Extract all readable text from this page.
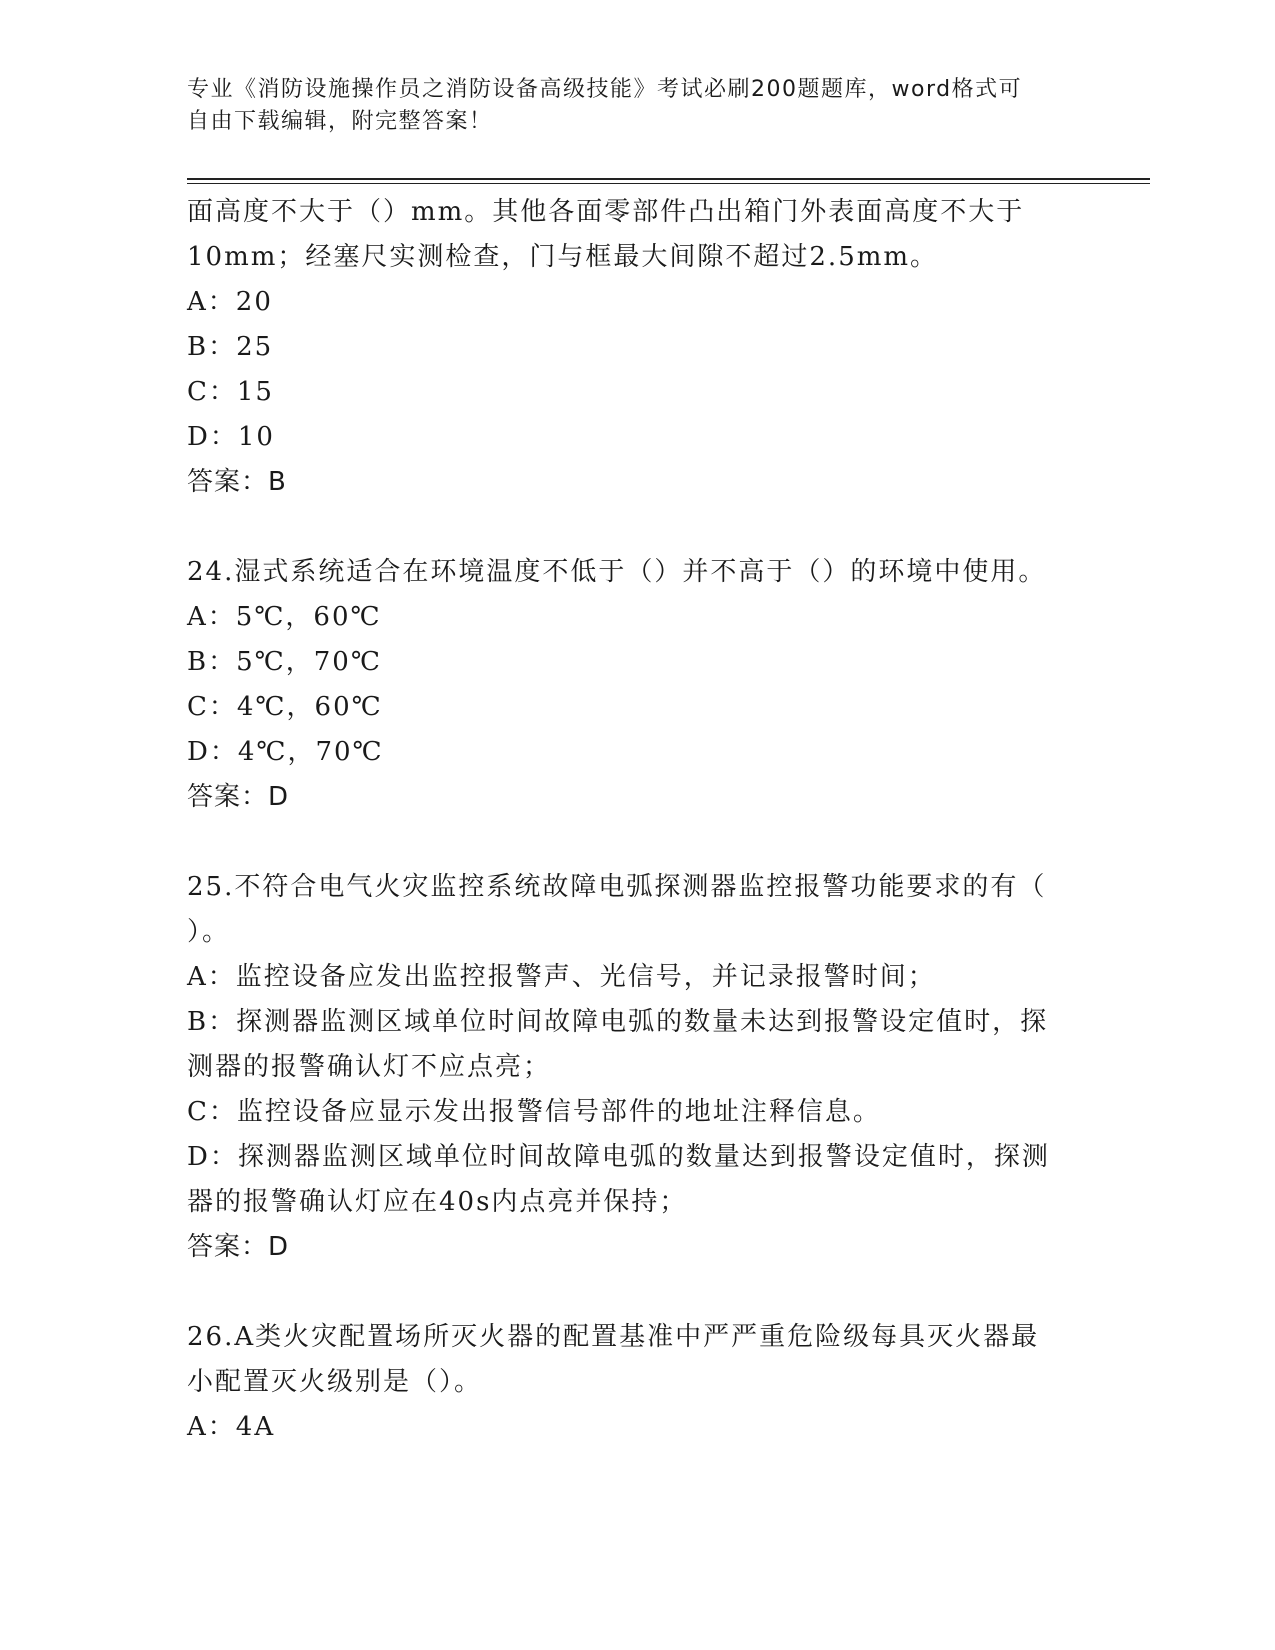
专业《消防设施操作员之消防设备高级技能》考试必刷200题题库，word格式可
自由下载编辑，附完整答案！

面高度不大于（）mm。其他各面零部件凸出箱门外表面高度不大于

10mm；经塞尺实测检查，门与框最大间隙不超过2.5mm。

A：20

B：25

C：15

D：10

答案：B

24.湿式系统适合在环境温度不低于（）并不高于（）的环境中使用。

A：5℃，60℃

B：5℃，70℃

C：4℃，60℃

D：4℃，70℃

答案：D

25.不符合电气火灾监控系统故障电弧探测器监控报警功能要求的有（

）。

A：监控设备应发出监控报警声、光信号，并记录报警时间；

B：探测器监测区域单位时间故障电弧的数量未达到报警设定值时，探

测器的报警确认灯不应点亮；

C：监控设备应显示发出报警信号部件的地址注释信息。

D：探测器监测区域单位时间故障电弧的数量达到报警设定值时，探测

器的报警确认灯应在40s内点亮并保持；

答案：D

26.A类火灾配置场所灭火器的配置基准中严严重危险级每具灭火器最

小配置灭火级别是（）。

A：4A
